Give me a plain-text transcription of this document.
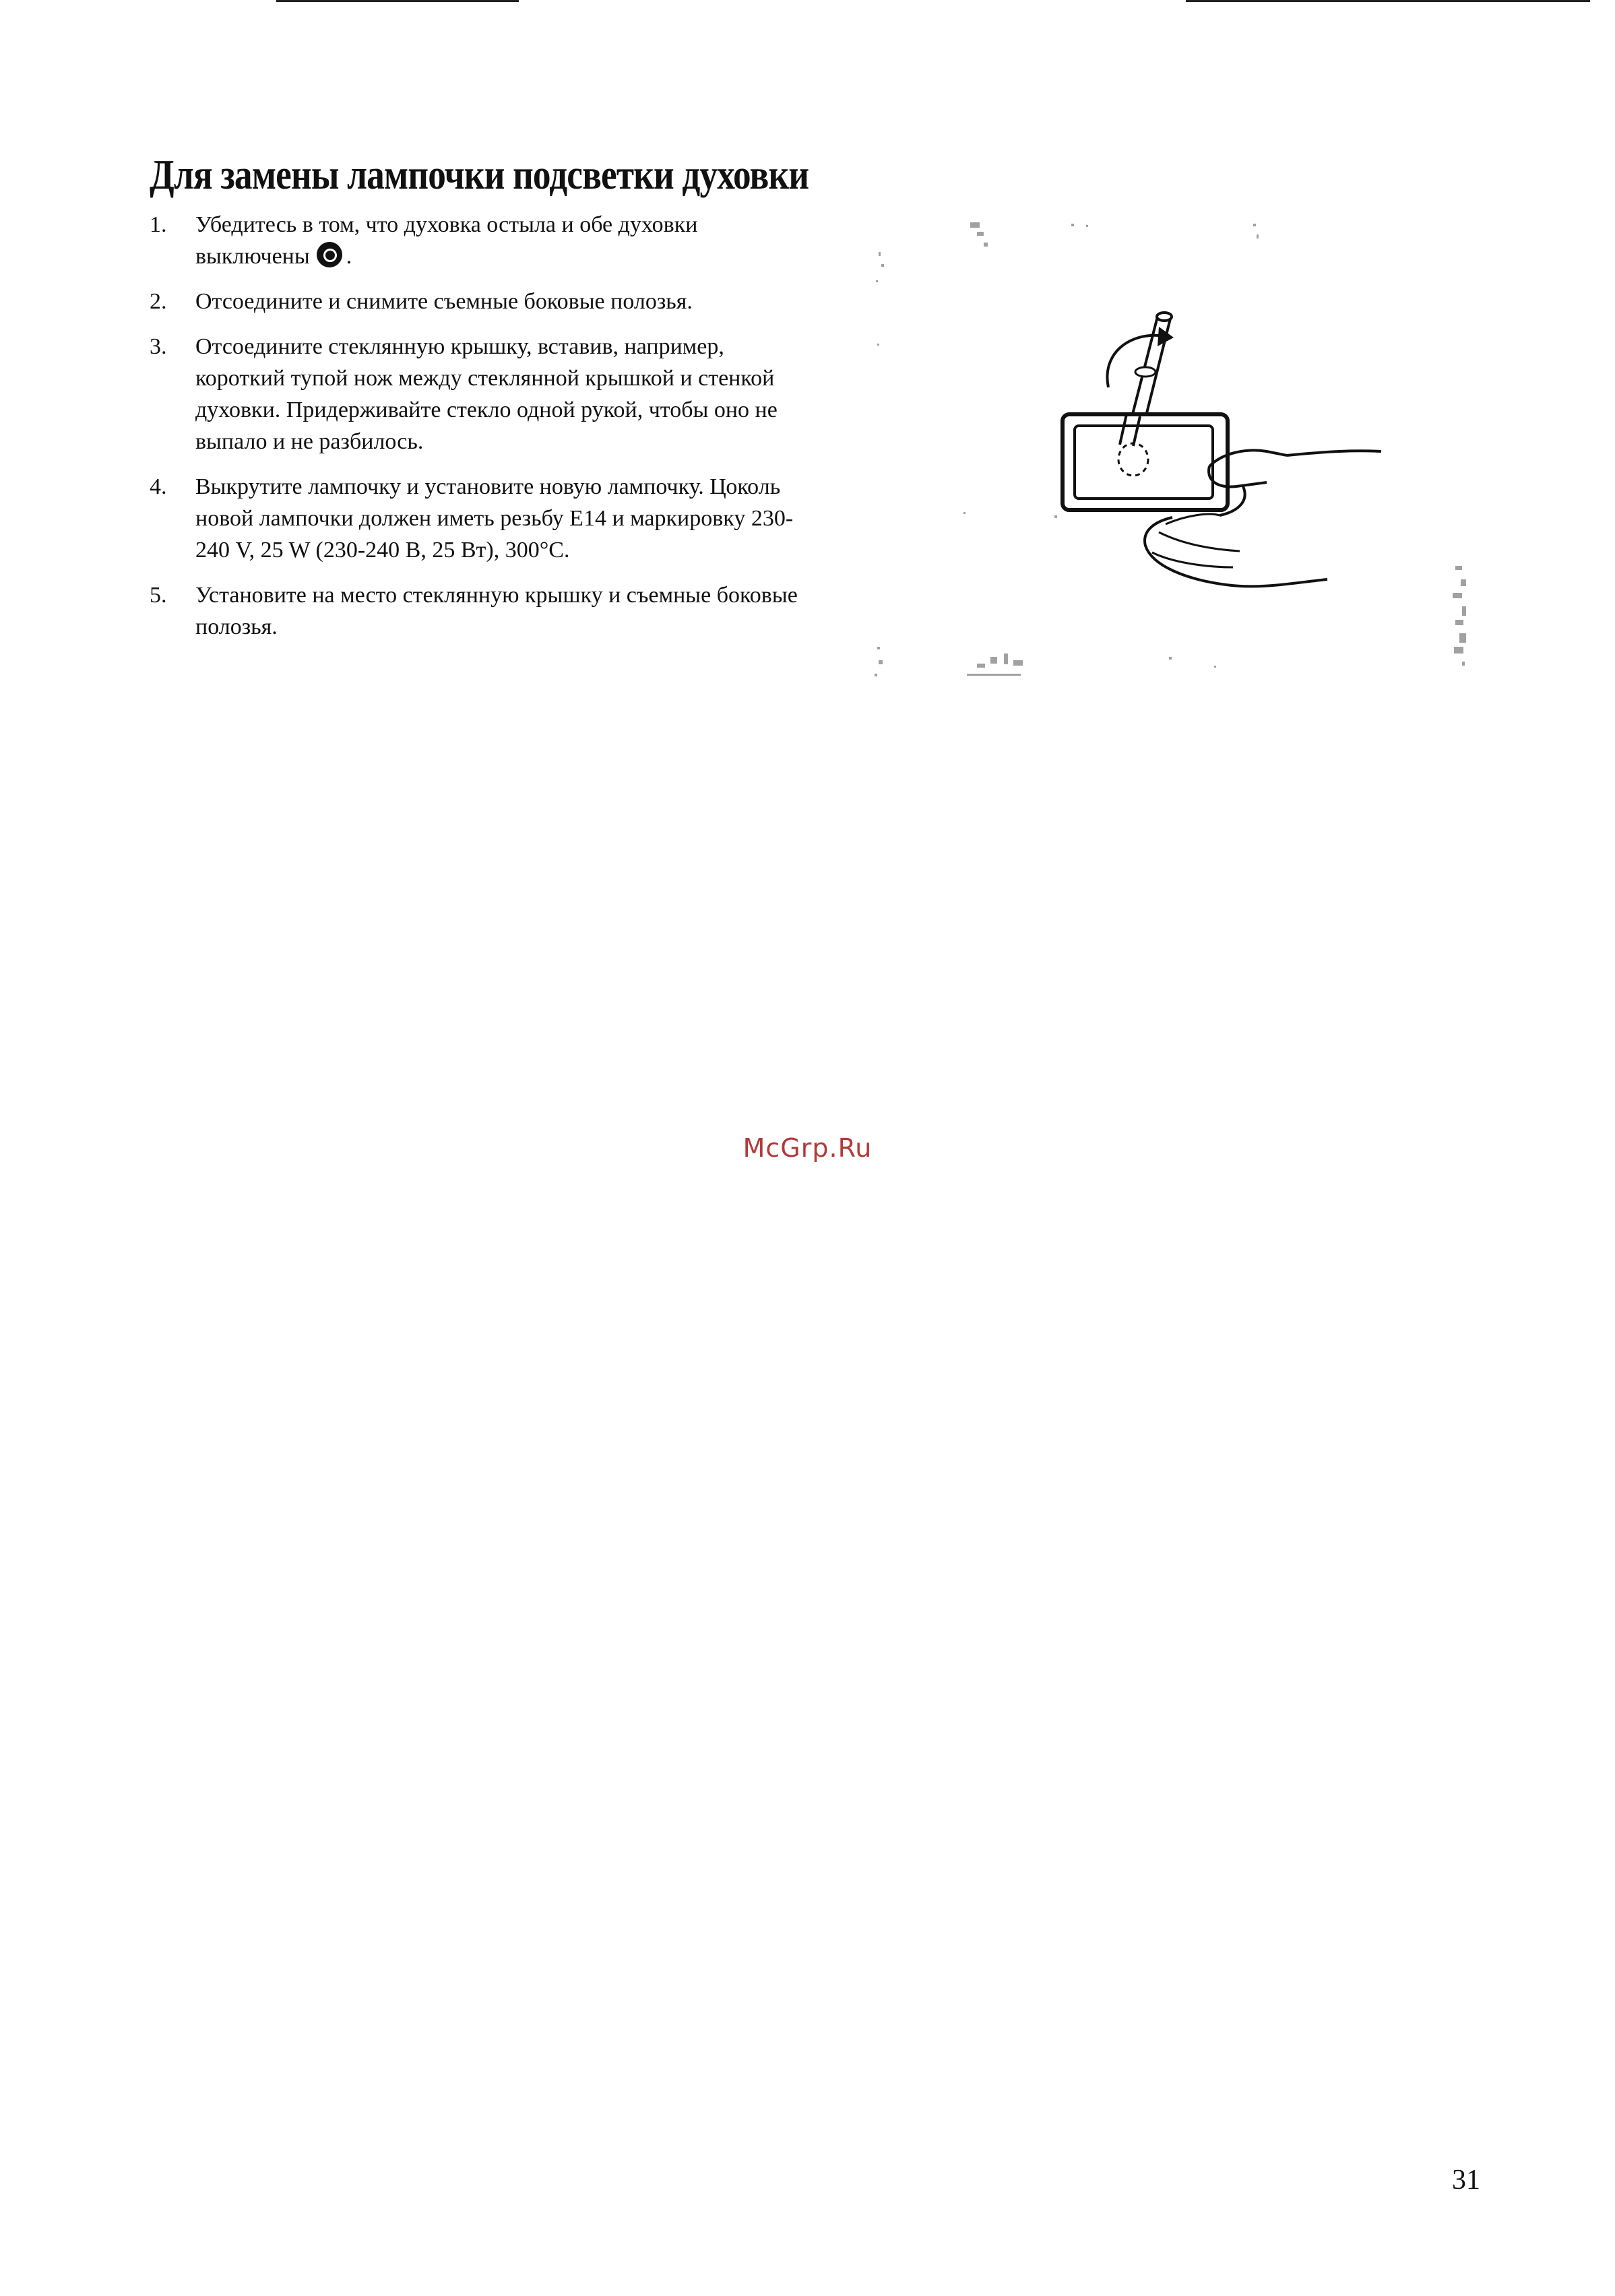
Для замены лампочки подсветки духовки
1.	Убедитесь в том, что духовка остыла и обе духовки выключены .
2.	Отсоедините и снимите съемные боковые полозья.
3.	Отсоедините стеклянную крышку, вставив, например, короткий тупой нож между стеклянной крышкой и стенкой духовки. Придерживайте стекло одной рукой, чтобы оно не выпало и не разбилось.
4.	Выкрутите лампочку и установите новую лампочку. Цоколь новой лампочки должен иметь резьбу E14 и маркировку 230-240 V, 25 W (230-240 В, 25 Вт), 300°C.
5.	Установите на место стеклянную крышку и съемные боковые полозья.
McGrp.Ru
31
